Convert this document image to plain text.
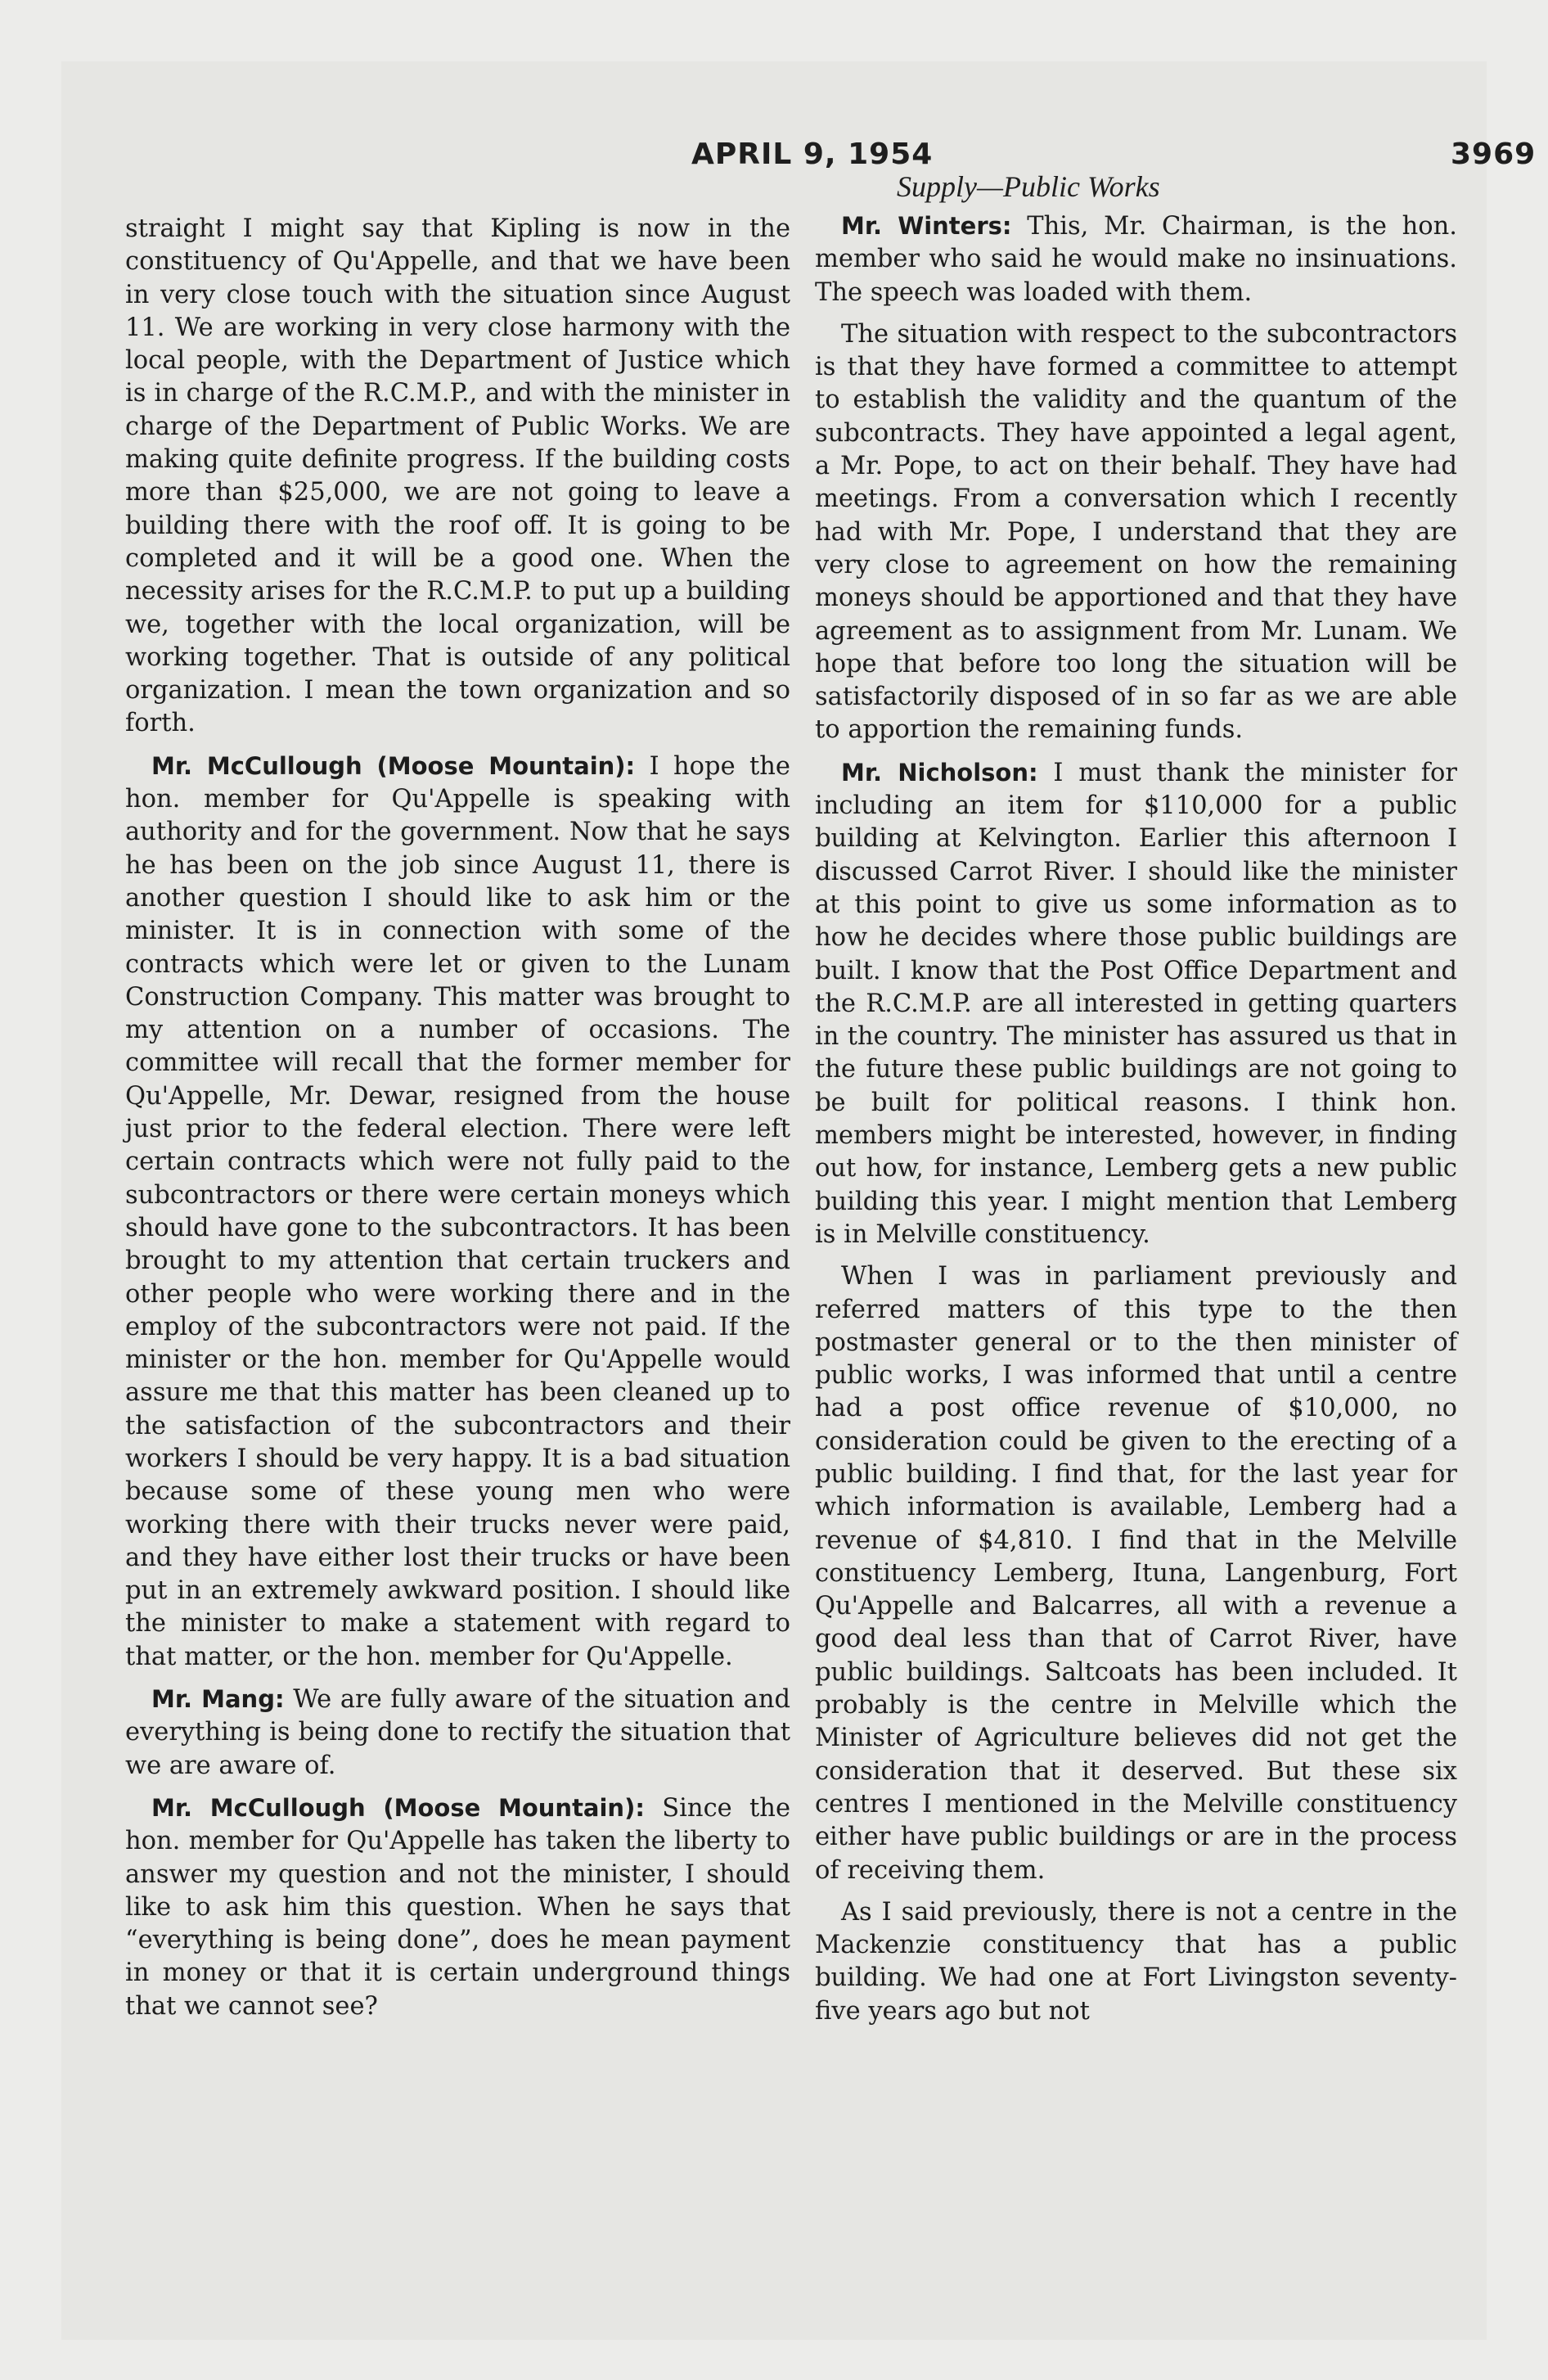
APRIL 9, 1954	3969
Supply—Public Works

straight I might say that Kipling is now in the constituency of Qu'Appelle, and that we have been in very close touch with the situation since August 11. We are working in very close harmony with the local people, with the Department of Justice which is in charge of the R.C.M.P., and with the minister in charge of the Department of Public Works. We are making quite definite progress. If the building costs more than $25,000, we are not going to leave a building there with the roof off. It is going to be completed and it will be a good one. When the necessity arises for the R.C.M.P. to put up a building we, together with the local organization, will be working together. That is outside of any political organization. I mean the town organization and so forth.

Mr. McCullough (Moose Mountain): I hope the hon. member for Qu'Appelle is speaking with authority and for the government. Now that he says he has been on the job since August 11, there is another question I should like to ask him or the minister. It is in connection with some of the contracts which were let or given to the Lunam Construction Company. This matter was brought to my attention on a number of occasions. The committee will recall that the former member for Qu'Appelle, Mr. Dewar, resigned from the house just prior to the federal election. There were left certain contracts which were not fully paid to the subcontractors or there were certain moneys which should have gone to the subcontractors. It has been brought to my attention that certain truckers and other people who were working there and in the employ of the subcontractors were not paid. If the minister or the hon. member for Qu'Appelle would assure me that this matter has been cleaned up to the satisfaction of the subcontractors and their workers I should be very happy. It is a bad situation because some of these young men who were working there with their trucks never were paid, and they have either lost their trucks or have been put in an extremely awkward position. I should like the minister to make a statement with regard to that matter, or the hon. member for Qu'Appelle.

Mr. Mang: We are fully aware of the situation and everything is being done to rectify the situation that we are aware of.

Mr. McCullough (Moose Mountain): Since the hon. member for Qu'Appelle has taken the liberty to answer my question and not the minister, I should like to ask him this question. When he says that “everything is being done”, does he mean payment in money or that it is certain underground things that we cannot see?

Mr. Winters: This, Mr. Chairman, is the hon. member who said he would make no insinuations. The speech was loaded with them.

The situation with respect to the subcontractors is that they have formed a committee to attempt to establish the validity and the quantum of the subcontracts. They have appointed a legal agent, a Mr. Pope, to act on their behalf. They have had meetings. From a conversation which I recently had with Mr. Pope, I understand that they are very close to agreement on how the remaining moneys should be apportioned and that they have agreement as to assignment from Mr. Lunam. We hope that before too long the situation will be satisfactorily disposed of in so far as we are able to apportion the remaining funds.

Mr. Nicholson: I must thank the minister for including an item for $110,000 for a public building at Kelvington. Earlier this afternoon I discussed Carrot River. I should like the minister at this point to give us some information as to how he decides where those public buildings are built. I know that the Post Office Department and the R.C.M.P. are all interested in getting quarters in the country. The minister has assured us that in the future these public buildings are not going to be built for political reasons. I think hon. members might be interested, however, in finding out how, for instance, Lemberg gets a new public building this year. I might mention that Lemberg is in Melville constituency.

When I was in parliament previously and referred matters of this type to the then postmaster general or to the then minister of public works, I was informed that until a centre had a post office revenue of $10,000, no consideration could be given to the erecting of a public building. I find that, for the last year for which information is available, Lemberg had a revenue of $4,810. I find that in the Melville constituency Lemberg, Ituna, Langenburg, Fort Qu'Appelle and Balcarres, all with a revenue a good deal less than that of Carrot River, have public buildings. Saltcoats has been included. It probably is the centre in Melville which the Minister of Agriculture believes did not get the consideration that it deserved. But these six centres I mentioned in the Melville constituency either have public buildings or are in the process of receiving them.

As I said previously, there is not a centre in the Mackenzie constituency that has a public building. We had one at Fort Livingston seventy-five years ago but not
